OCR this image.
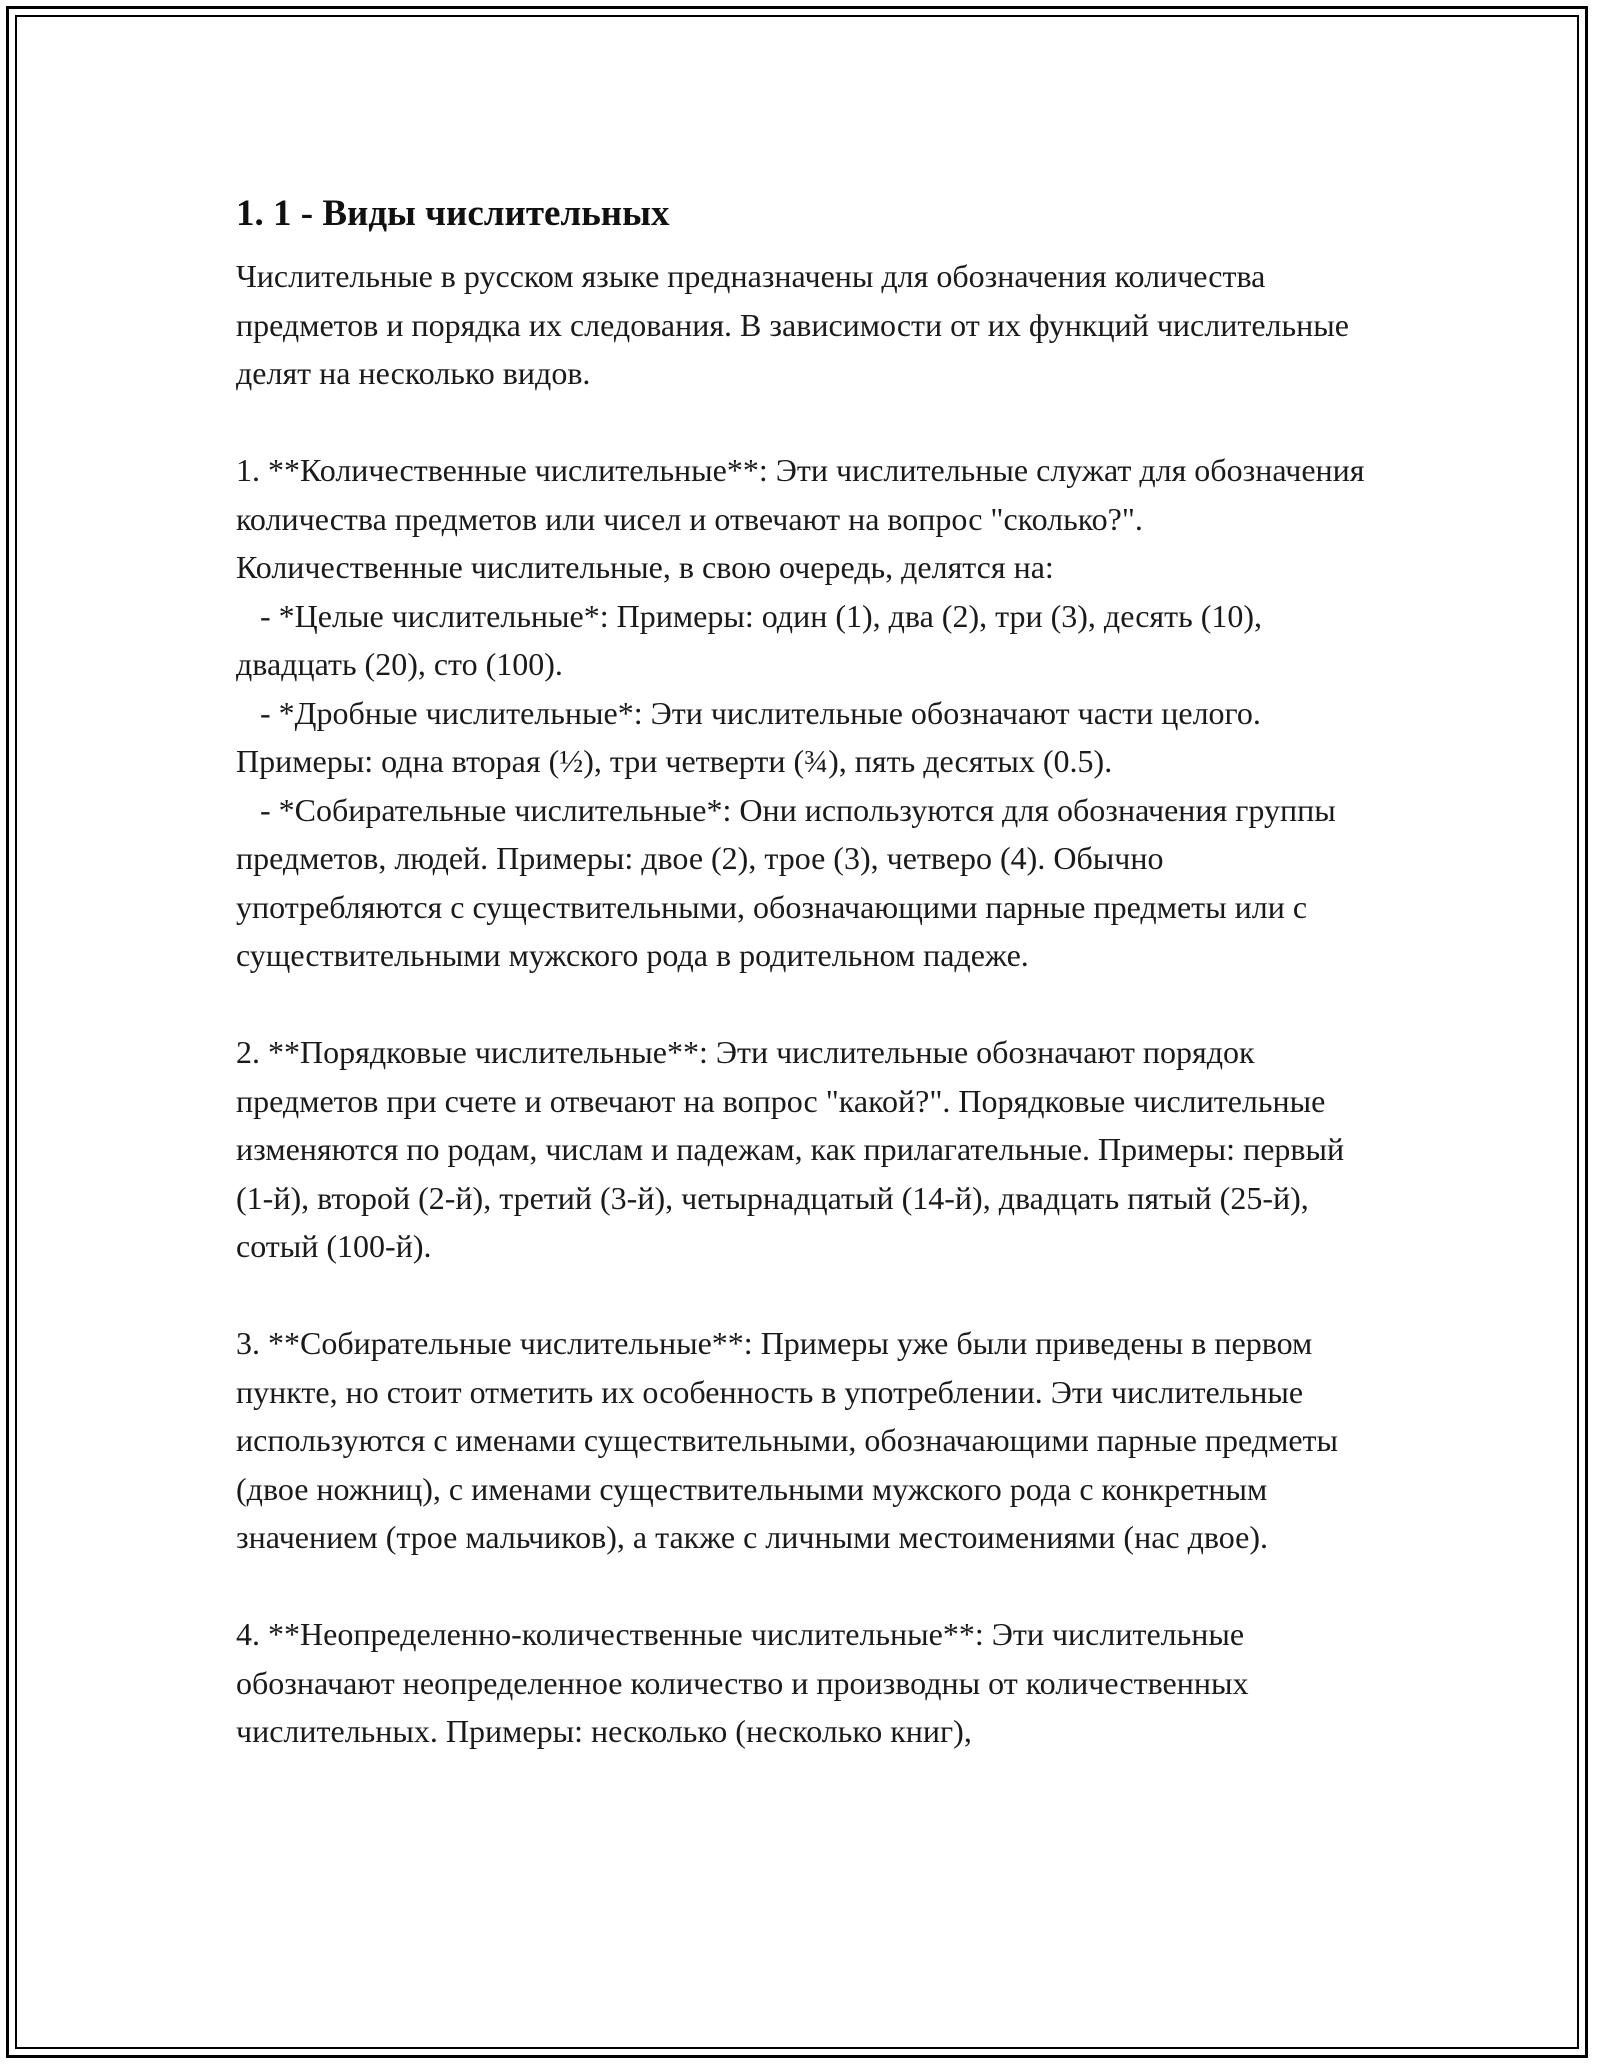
1. 1 - Виды числительных

Числительные в русском языке предназначены для обозначения количества предметов и порядка их следования. В зависимости от их функций числительные делят на несколько видов.

1. **Количественные числительные**: Эти числительные служат для обозначения количества предметов или чисел и отвечают на вопрос "сколько?". Количественные числительные, в свою очередь, делятся на:

- *Целые числительные*: Примеры: один (1), два (2), три (3), десять (10), двадцать (20), сто (100).

- *Дробные числительные*: Эти числительные обозначают части целого. Примеры: одна вторая (½), три четверти (¾), пять десятых (0.5).

- *Собирательные числительные*: Они используются для обозначения группы предметов, людей. Примеры: двое (2), трое (3), четверо (4). Обычно употребляются с существительными, обозначающими парные предметы или с существительными мужского рода в родительном падеже.

2. **Порядковые числительные**: Эти числительные обозначают порядок предметов при счете и отвечают на вопрос "какой?". Порядковые числительные изменяются по родам, числам и падежам, как прилагательные. Примеры: первый (1-й), второй (2-й), третий (3-й), четырнадцатый (14-й), двадцать пятый (25-й), сотый (100-й).

3. **Собирательные числительные**: Примеры уже были приведены в первом пункте, но стоит отметить их особенность в употреблении. Эти числительные используются с именами существительными, обозначающими парные предметы (двое ножниц), с именами существительными мужского рода с конкретным значением (трое мальчиков), а также с личными местоимениями (нас двое).

4. **Неопределенно-количественные числительные**: Эти числительные обозначают неопределенное количество и производны от количественных числительных. Примеры: несколько (несколько книг),
